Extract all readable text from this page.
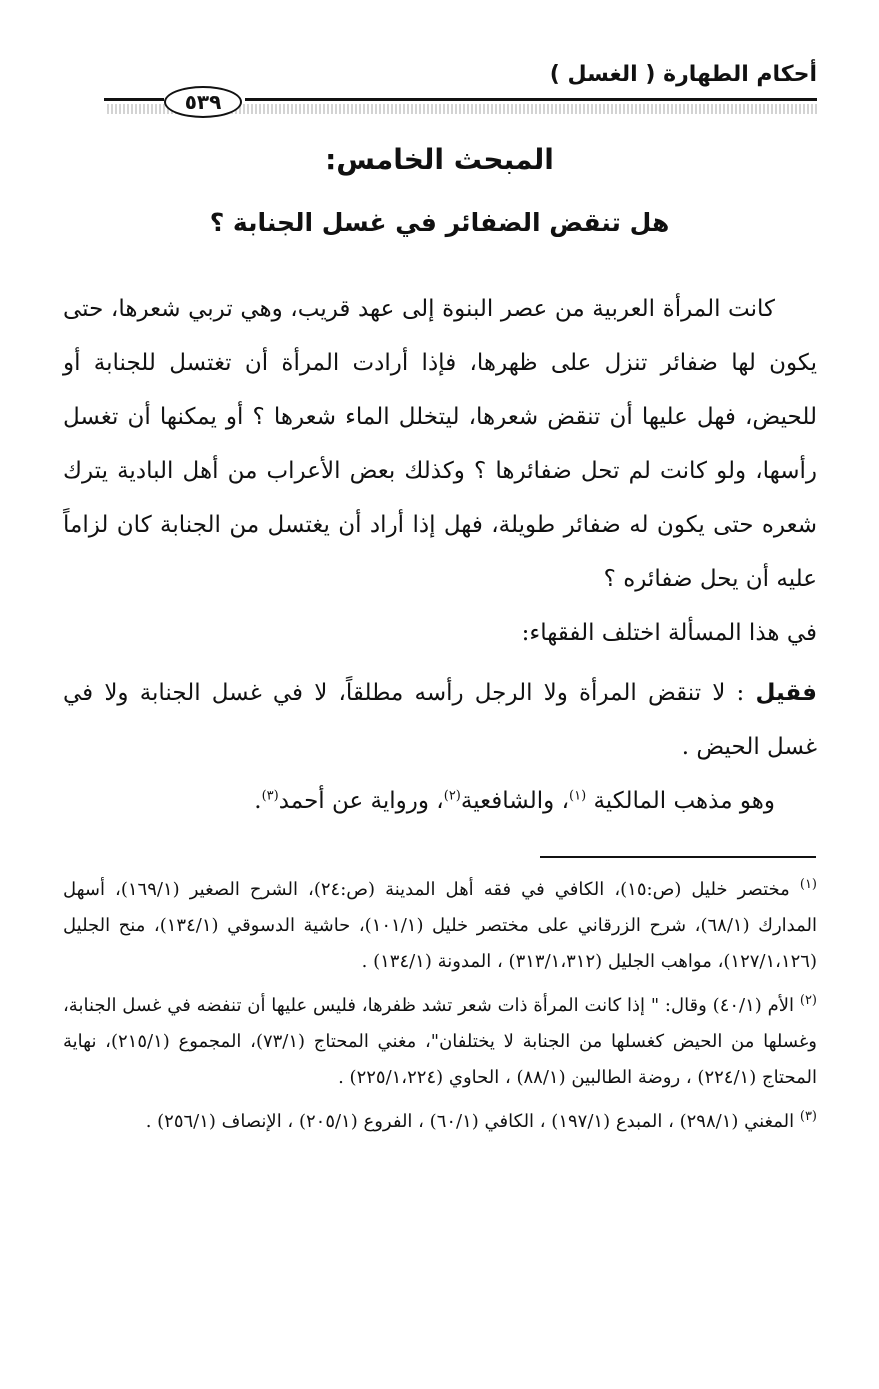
أحكام الطهارة ( الغسل )
٥٣٩
المبحث الخامس:
هل تنقض الضفائر في غسل الجنابة ؟

كانت المرأة العربية من عصر البنوة إلى عهد قريب، وهي تربي شعرها، حتى يكون لها ضفائر تنزل على ظهرها، فإذا أرادت المرأة أن تغتسل للجنابة أو للحيض، فهل عليها أن تنقض شعرها، ليتخلل الماء شعرها ؟ أو يمكنها أن تغسل رأسها، ولو كانت لم تحل ضفائرها ؟ وكذلك بعض الأعراب من أهل البادية يترك شعره حتى يكون له ضفائر طويلة، فهل إذا أراد أن يغتسل من الجنابة كان لزاماً عليه أن يحل ضفائره ؟

في هذا المسألة اختلف الفقهاء:

فقيل : لا تنقض المرأة ولا الرجل رأسه مطلقاً، لا في غسل الجنابة ولا في غسل الحيض .

وهو مذهب المالكية $^{(١)}$، والشافعية$^{(٢)}$، ورواية عن أحمد$^{(٣)}$.

$^{(١)}$ مختصر خليل (ص:١٥)، الكافي في فقه أهل المدينة (ص:٢٤)، الشرح الصغير (١٦٩/١)، أسهل المدارك (٦٨/١)، شرح الزرقاني على مختصر خليل (١٠١/١)، حاشية الدسوقي (١٣٤/١)، منح الجليل (١٢٧/١،١٢٦)، مواهب الجليل (٣١٣/١،٣١٢) ، المدونة (١٣٤/١) .

$^{(٢)}$ الأم (٤٠/١) وقال: " إذا كانت المرأة ذات شعر تشد ظفرها، فليس عليها أن تنفضه في غسل الجنابة، وغسلها من الحيض كغسلها من الجنابة لا يختلفان"، مغني المحتاج (٧٣/١)، المجموع (٢١٥/١)، نهاية المحتاج (٢٢٤/١) ، روضة الطالبين (٨٨/١) ، الحاوي (٢٢٥/١،٢٢٤) .

$^{(٣)}$ المغني (٢٩٨/١) ، المبدع (١٩٧/١) ، الكافي (٦٠/١) ، الفروع (٢٠٥/١) ، الإنصاف (٢٥٦/١) .
